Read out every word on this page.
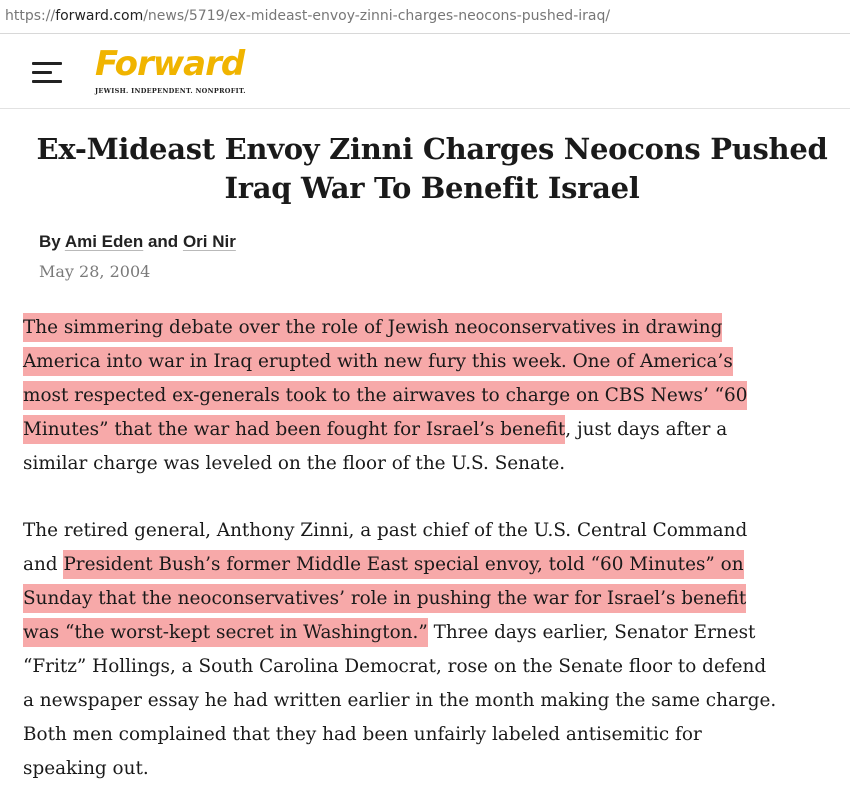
https://forward.com/news/5719/ex-mideast-envoy-zinni-charges-neocons-pushed-iraq/
Forward
JEWISH. INDEPENDENT. NONPROFIT.
Ex-Mideast Envoy Zinni Charges Neocons Pushed Iraq War To Benefit Israel
By Ami Eden and Ori Nir
May 28, 2004

The simmering debate over the role of Jewish neoconservatives in drawing
America into war in Iraq erupted with new fury this week. One of America’s
most respected ex-generals took to the airwaves to charge on CBS News’ “60
Minutes” that the war had been fought for Israel’s benefit, just days after a
similar charge was leveled on the floor of the U.S. Senate.

The retired general, Anthony Zinni, a past chief of the U.S. Central Command
and President Bush’s former Middle East special envoy, told “60 Minutes” on
Sunday that the neoconservatives’ role in pushing the war for Israel’s benefit
was “the worst-kept secret in Washington.” Three days earlier, Senator Ernest
“Fritz” Hollings, a South Carolina Democrat, rose on the Senate floor to defend
a newspaper essay he had written earlier in the month making the same charge.
Both men complained that they had been unfairly labeled antisemitic for
speaking out.
